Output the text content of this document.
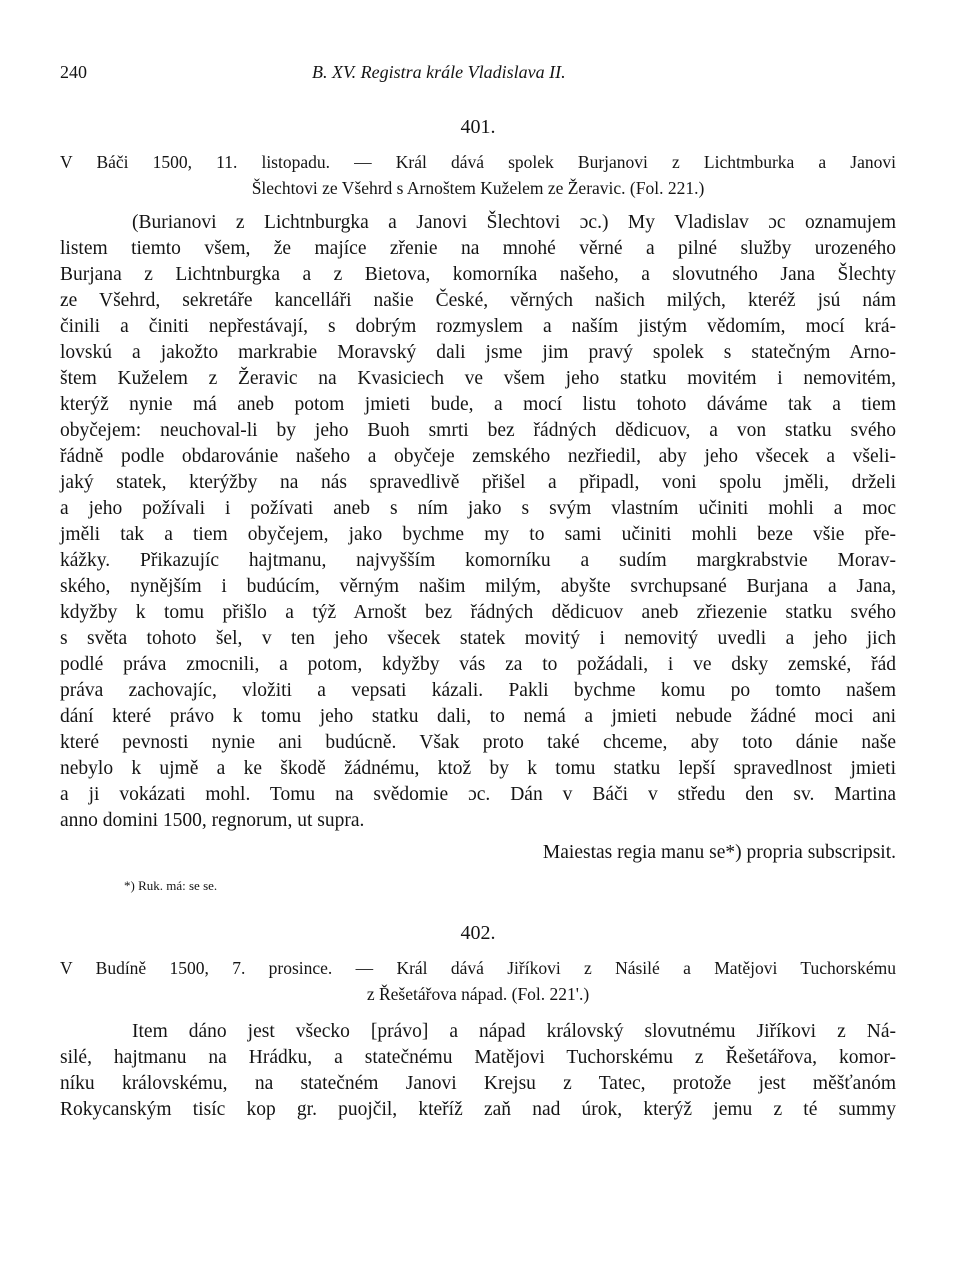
240	B. XV. Registra krále Vladislava II.
401.
V Báči 1500, 11. listopadu. — Král dává spolek Burjanovi z Lichtmburka a Janovi
Šlechtovi ze Všehrd s Arnoštem Kuželem ze Žeravic. (Fol. 221.)
(Burianovi z Lichtnburgka a Janovi Šlechtovi ɔc.) My Vladislav ɔc oznamujem
listem tiemto všem, že majíce zřenie na mnohé věrné a pilné služby urozeného
Burjana z Lichtnburgka a z Bietova, komorníka našeho, a slovutného Jana Šlechty
ze Všehrd, sekretáře kancelláři našie České, věrných našich milých, kteréž jsú nám
činili a činiti nepřestávají, s dobrým rozmyslem a naším jistým vědomím, mocí krá-
lovskú a jakožto markrabie Moravský dali jsme jim pravý spolek s statečným Arno-
štem Kuželem z Žeravic na Kvasiciech ve všem jeho statku movitém i nemovitém,
kterýž nynie má aneb potom jmieti bude, a mocí listu tohoto dáváme tak a tiem
obyčejem: neuchoval-li by jeho Buoh smrti bez řádných dědicuov, a von statku svého
řádně podle obdarovánie našeho a obyčeje zemského nezřiedil, aby jeho všecek a všeli-
jaký statek, kterýžby na nás spravedlivě přišel a připadl, voni spolu jměli, drželi
a jeho požívali i požívati aneb s ním jako s svým vlastním učiniti mohli a moc
jměli tak a tiem obyčejem, jako bychme my to sami učiniti mohli beze všie pře-
kážky. Přikazujíc hajtmanu, najvyšším komorníku a sudím margkrabstvie Morav-
ského, nynějším i budúcím, věrným našim milým, abyšte svrchupsané Burjana a Jana,
kdyžby k tomu přišlo a týž Arnošt bez řádných dědicuov aneb zřiezenie statku svého
s světa tohoto šel, v ten jeho všecek statek movitý i nemovitý uvedli a jeho jich
podlé práva zmocnili, a potom, kdyžby vás za to požádali, i ve dsky zemské, řád
práva zachovajíc, vložiti a vepsati kázali. Pakli bychme komu po tomto našem
dání které právo k tomu jeho statku dali, to nemá a jmieti nebude žádné moci ani
které pevnosti nynie ani budúcně. Však proto také chceme, aby toto dánie naše
nebylo k ujmě a ke škodě žádnému, ktož by k tomu statku lepší spravedlnost jmieti
a ji vokázati mohl. Tomu na svědomie ɔc. Dán v Báči v středu den sv. Martina
anno domini 1500, regnorum, ut supra.
Maiestas regia manu se*) propria subscripsit.
*) Ruk. má: se se.
402.
V Budíně 1500, 7. prosince. — Král dává Jiříkovi z Násilé a Matějovi Tuchorskému
z Řešetářova nápad. (Fol. 221'.)
Item dáno jest všecko [právo] a nápad královský slovutnému Jiříkovi z Ná-
silé, hajtmanu na Hrádku, a statečnému Matějovi Tuchorskému z Řešetářova, komor-
níku královskému, na statečném Janovi Krejsu z Tatec, protože jest měšťanóm
Rokycanským tisíc kop gr. puojčil, kteříž zaň nad úrok, kterýž jemu z té summy
